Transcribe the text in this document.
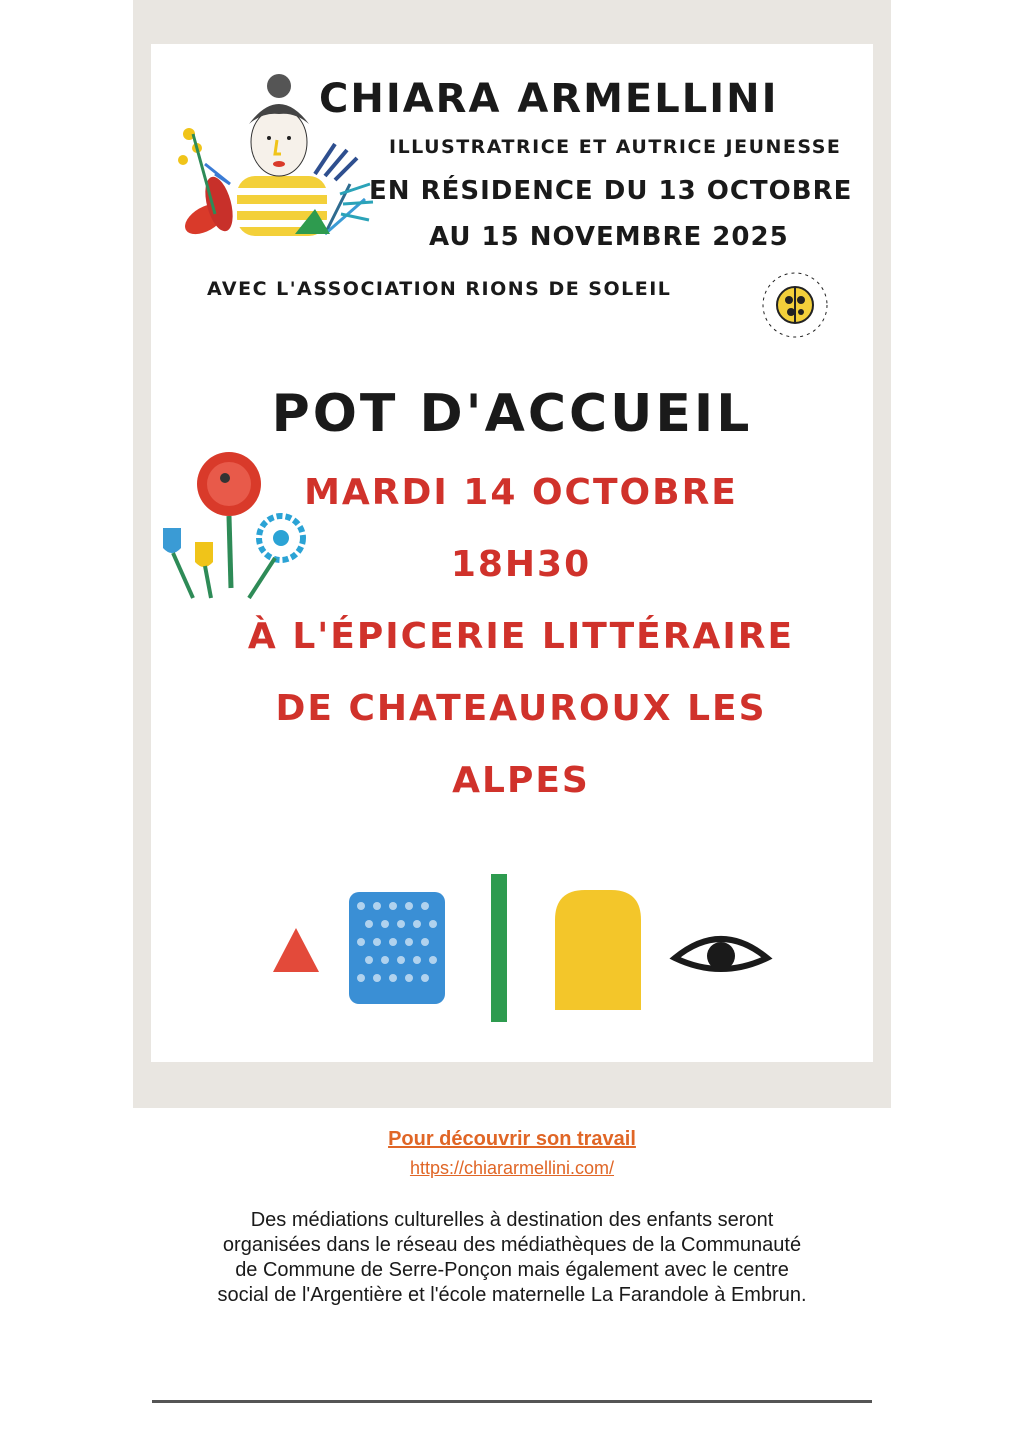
CHIARA ARMELLINI
ILLUSTRATRICE ET AUTRICE JEUNESSE
EN RÉSIDENCE DU 13 OCTOBRE
AU 15 NOVEMBRE 2025
AVEC L'ASSOCIATION RIONS DE SOLEIL
POT D'ACCUEIL
MARDI 14 OCTOBRE
18H30
À L'ÉPICERIE LITTÉRAIRE
DE CHATEAUROUX LES
ALPES
Pour découvrir son travail
https://chiararmellini.com/
Des médiations culturelles à destination des enfants seront
organisées dans le réseau des médiathèques de la Communauté
de Commune de Serre-Ponçon mais également avec le centre
social de l'Argentière et l'école maternelle La Farandole à Embrun.
